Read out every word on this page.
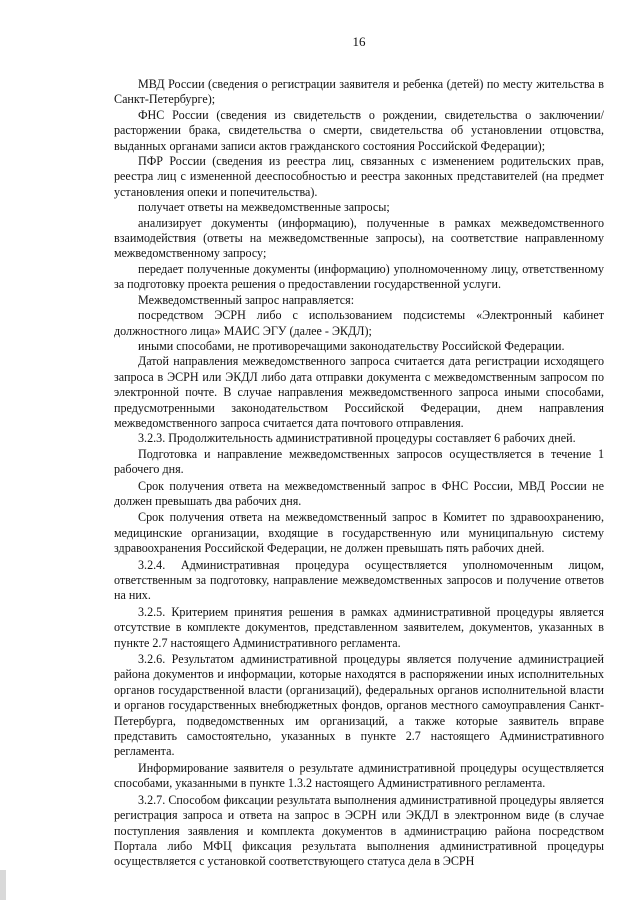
16

МВД России (сведения о регистрации заявителя и ребенка (детей) по месту жительства в Санкт-Петербурге);

ФНС России (сведения из свидетельств о рождении, свидетельства о заключении/расторжении брака, свидетельства о смерти, свидетельства об установлении отцовства, выданных органами записи актов гражданского состояния Российской Федерации);

ПФР России (сведения из реестра лиц, связанных с изменением родительских прав, реестра лиц с измененной дееспособностью и реестра законных представителей (на предмет установления опеки и попечительства).

получает ответы на межведомственные запросы;

анализирует документы (информацию), полученные в рамках межведомственного взаимодействия (ответы на межведомственные запросы), на соответствие направленному межведомственному запросу;

передает полученные документы (информацию) уполномоченному лицу, ответственному за подготовку проекта решения о предоставлении государственной услуги.

Межведомственный запрос направляется:

посредством ЭСРН либо с использованием подсистемы «Электронный кабинет должностного лица» МАИС ЭГУ (далее - ЭКДЛ);

иными способами, не противоречащими законодательству Российской Федерации.

Датой направления межведомственного запроса считается дата регистрации исходящего запроса в ЭСРН или ЭКДЛ либо дата отправки документа с межведомственным запросом по электронной почте. В случае направления межведомственного запроса иными способами, предусмотренными законодательством Российской Федерации, днем направления межведомственного запроса считается дата почтового отправления.

3.2.3. Продолжительность административной процедуры составляет 6 рабочих дней.

Подготовка и направление межведомственных запросов осуществляется в течение 1 рабочего дня.

Срок получения ответа на межведомственный запрос в ФНС России, МВД России не должен превышать два рабочих дня.

Срок получения ответа на межведомственный запрос в Комитет по здравоохранению, медицинские организации, входящие в государственную или муниципальную систему здравоохранения Российской Федерации, не должен превышать пять рабочих дней.

3.2.4. Административная процедура осуществляется уполномоченным лицом, ответственным за подготовку, направление межведомственных запросов и получение ответов на них.

3.2.5. Критерием принятия решения в рамках административной процедуры является отсутствие в комплекте документов, представленном заявителем, документов, указанных в пункте 2.7 настоящего Административного регламента.

3.2.6. Результатом административной процедуры является получение администрацией района документов и информации, которые находятся в распоряжении иных исполнительных органов государственной власти (организаций), федеральных органов исполнительной власти и органов государственных внебюджетных фондов, органов местного самоуправления Санкт-Петербурга, подведомственных им организаций, а также которые заявитель вправе представить самостоятельно, указанных в пункте 2.7 настоящего Административного регламента.

Информирование заявителя о результате административной процедуры осуществляется способами, указанными в пункте 1.3.2 настоящего Административного регламента.

3.2.7. Способом фиксации результата выполнения административной процедуры является регистрация запроса и ответа на запрос в ЭСРН или ЭКДЛ в электронном виде (в случае поступления заявления и комплекта документов в администрацию района посредством Портала либо МФЦ фиксация результата выполнения административной процедуры осуществляется с установкой соответствующего статуса дела в ЭСРН
